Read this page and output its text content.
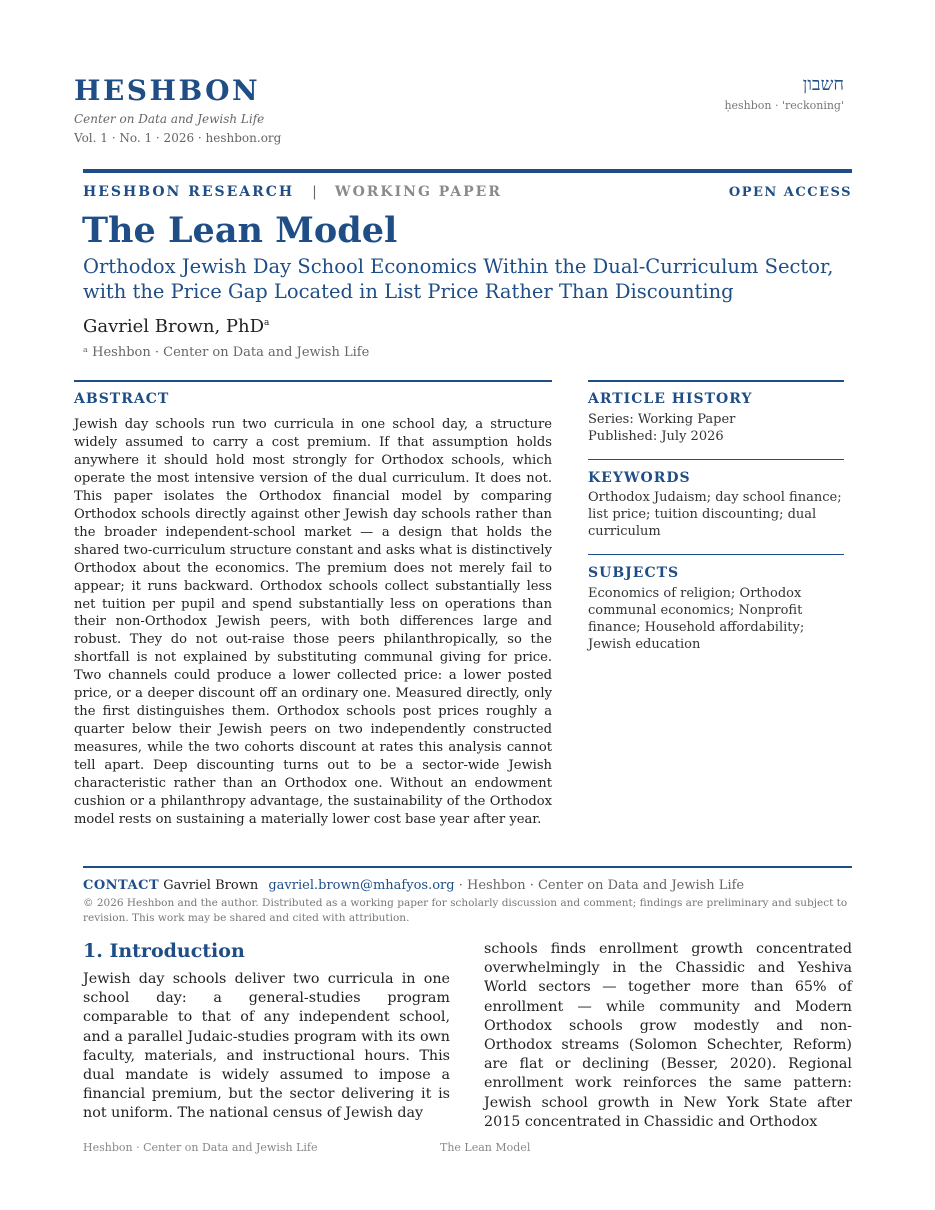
HESHBON
Center on Data and Jewish Life
Vol. 1 · No. 1 · 2026 · heshbon.org
חשבון
ḥeshbon · 'reckoning'
HESHBON RESEARCH | WORKING PAPER	OPEN ACCESS
The Lean Model
Orthodox Jewish Day School Economics Within the Dual-Curriculum Sector, with the Price Gap Located in List Price Rather Than Discounting
Gavriel Brown, PhD$^a$
ᵃ Heshbon · Center on Data and Jewish Life
ABSTRACT
Jewish day schools run two curricula in one school day, a structure widely assumed to carry a cost premium. If that assumption holds anywhere it should hold most strongly for Orthodox schools, which operate the most intensive version of the dual curriculum. It does not. This paper isolates the Orthodox financial model by comparing Orthodox schools directly against other Jewish day schools rather than the broader independent-school market — a design that holds the shared two-curriculum structure constant and asks what is distinctively Orthodox about the economics. The premium does not merely fail to appear; it runs backward. Orthodox schools collect substantially less net tuition per pupil and spend substantially less on operations than their non-Orthodox Jewish peers, with both differences large and robust. They do not out-raise those peers philanthropically, so the shortfall is not explained by substituting communal giving for price. Two channels could produce a lower collected price: a lower posted price, or a deeper discount off an ordinary one. Measured directly, only the first distinguishes them. Orthodox schools post prices roughly a quarter below their Jewish peers on two independently constructed measures, while the two cohorts discount at rates this analysis cannot tell apart. Deep discounting turns out to be a sector-wide Jewish characteristic rather than an Orthodox one. Without an endowment cushion or a philanthropy advantage, the sustainability of the Orthodox model rests on sustaining a materially lower cost base year after year.
ARTICLE HISTORY
Series: Working Paper
Published: July 2026
KEYWORDS
Orthodox Judaism; day school finance; list price; tuition discounting; dual curriculum
SUBJECTS
Economics of religion; Orthodox communal economics; Nonprofit finance; Household affordability; Jewish education
CONTACT Gavriel Brown gavriel.brown@mhafyos.org · Heshbon · Center on Data and Jewish Life
© 2026 Heshbon and the author. Distributed as a working paper for scholarly discussion and comment; findings are preliminary and subject to revision. This work may be shared and cited with attribution.
1. Introduction
Jewish day schools deliver two curricula in one school day: a general-studies program comparable to that of any independent school, and a parallel Judaic-studies program with its own faculty, materials, and instructional hours. This dual mandate is widely assumed to impose a financial premium, but the sector delivering it is not uniform. The national census of Jewish day
schools finds enrollment growth concentrated overwhelmingly in the Chassidic and Yeshiva World sectors — together more than 65% of enrollment — while community and Modern Orthodox schools grow modestly and non-Orthodox streams (Solomon Schechter, Reform) are flat or declining (Besser, 2020). Regional enrollment work reinforces the same pattern: Jewish school growth in New York State after 2015 concentrated in Chassidic and Orthodox
Heshbon · Center on Data and Jewish Life	The Lean Model
